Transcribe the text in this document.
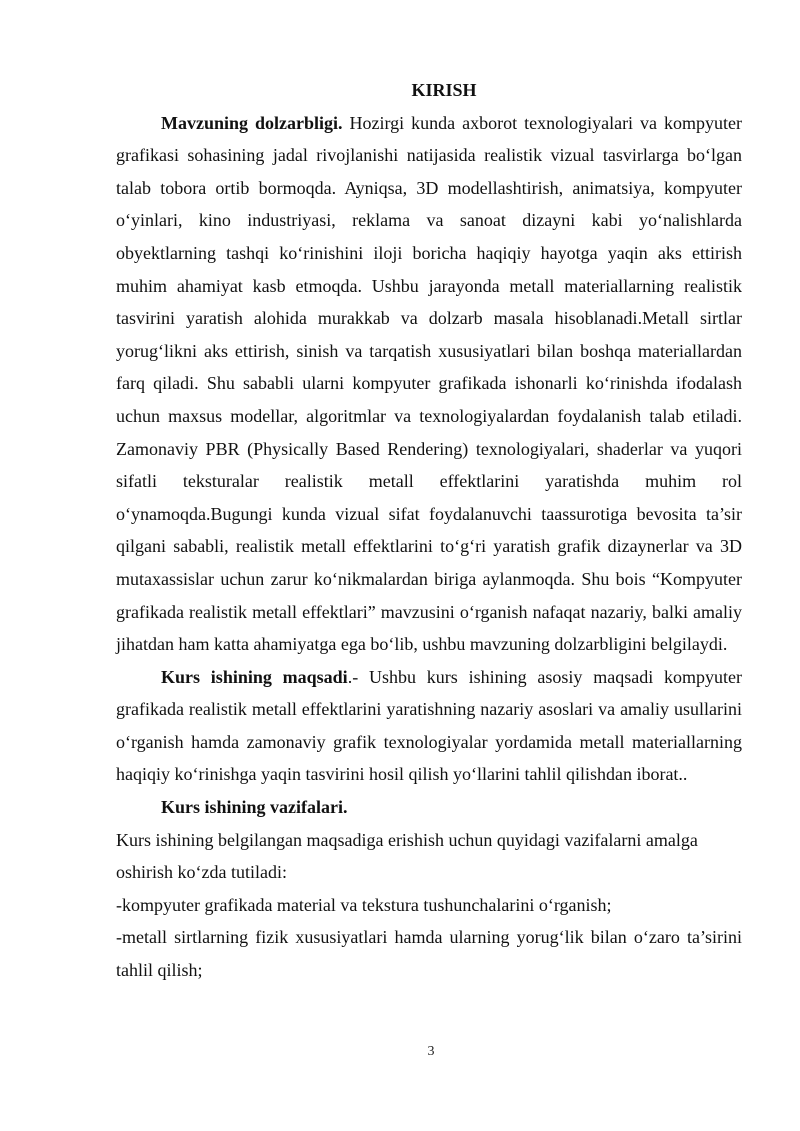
KIRISH

Mavzuning dolzarbligi. Hozirgi kunda axborot texnologiyalari va kompyuter grafikasi sohasining jadal rivojlanishi natijasida realistik vizual tasvirlarga bo‘lgan talab tobora ortib bormoqda. Ayniqsa, 3D modellashtirish, animatsiya, kompyuter o‘yinlari, kino industriyasi, reklama va sanoat dizayni kabi yo‘nalishlarda obyektlarning tashqi ko‘rinishini iloji boricha haqiqiy hayotga yaqin aks ettirish muhim ahamiyat kasb etmoqda. Ushbu jarayonda metall materiallarning realistik tasvirini yaratish alohida murakkab va dolzarb masala hisoblanadi.Metall sirtlar yorug‘likni aks ettirish, sinish va tarqatish xususiyatlari bilan boshqa materiallardan farq qiladi. Shu sababli ularni kompyuter grafikada ishonarli ko‘rinishda ifodalash uchun maxsus modellar, algoritmlar va texnologiyalardan foydalanish talab etiladi. Zamonaviy PBR (Physically Based Rendering) texnologiyalari, shaderlar va yuqori sifatli teksturalar realistik metall effektlarini yaratishda muhim rol o‘ynamoqda.Bugungi kunda vizual sifat foydalanuvchi taassurotiga bevosita ta’sir qilgani sababli, realistik metall effektlarini to‘g‘ri yaratish grafik dizaynerlar va 3D mutaxassislar uchun zarur ko‘nikmalardan biriga aylanmoqda. Shu bois “Kompyuter grafikada realistik metall effektlari” mavzusini o‘rganish nafaqat nazariy, balki amaliy jihatdan ham katta ahamiyatga ega bo‘lib, ushbu mavzuning dolzarbligini belgilaydi.

Kurs ishining maqsadi.- Ushbu kurs ishining asosiy maqsadi kompyuter grafikada realistik metall effektlarini yaratishning nazariy asoslari va amaliy usullarini o‘rganish hamda zamonaviy grafik texnologiyalar yordamida metall materiallarning haqiqiy ko‘rinishga yaqin tasvirini hosil qilish yo‘llarini tahlil qilishdan iborat..

Kurs ishining vazifalari.

Kurs ishining belgilangan maqsadiga erishish uchun quyidagi vazifalarni amalga oshirish ko‘zda tutiladi:

-kompyuter grafikada material va tekstura tushunchalarini o‘rganish;

-metall sirtlarning fizik xususiyatlari hamda ularning yorug‘lik bilan o‘zaro ta’sirini tahlil qilish;

3
